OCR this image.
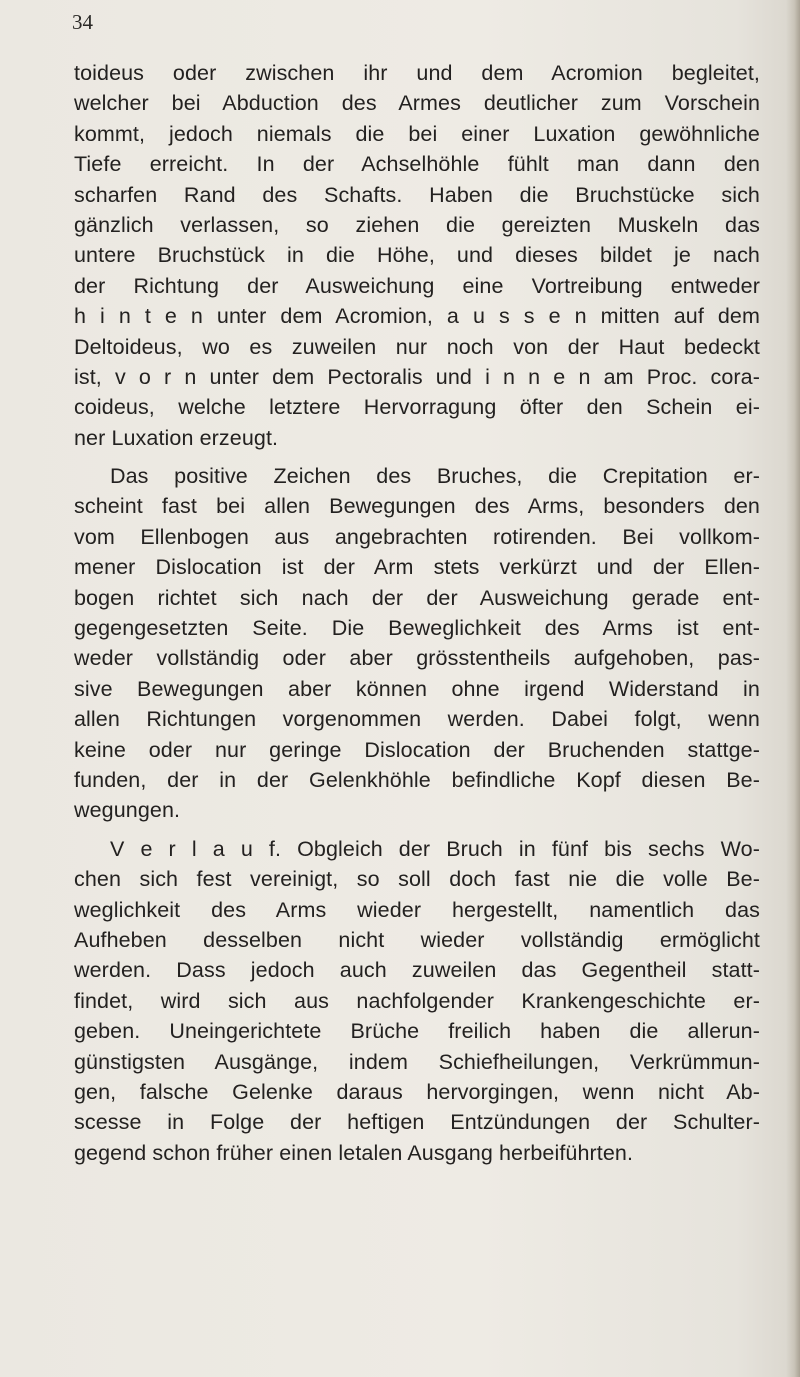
34
toideus oder zwischen ihr und dem Acromion begleitet,
welcher bei Abduction des Armes deutlicher zum Vorschein
kommt, jedoch niemals die bei einer Luxation gewöhnliche
Tiefe erreicht. In der Achselhöhle fühlt man dann den
scharfen Rand des Schafts. Haben die Bruchstücke sich
gänzlich verlassen, so ziehen die gereizten Muskeln das
untere Bruchstück in die Höhe, und dieses bildet je nach
der Richtung der Ausweichung eine Vortreibung entweder
h i n t e n unter dem Acromion, a u s s e n mitten auf dem
Deltoideus, wo es zuweilen nur noch von der Haut bedeckt
ist, v o r n unter dem Pectoralis und i n n e n am Proc. cora-
coideus, welche letztere Hervorragung öfter den Schein ei-
ner Luxation erzeugt.
Das positive Zeichen des Bruches, die Crepitation er-
scheint fast bei allen Bewegungen des Arms, besonders den
vom Ellenbogen aus angebrachten rotirenden. Bei vollkom-
mener Dislocation ist der Arm stets verkürzt und der Ellen-
bogen richtet sich nach der der Ausweichung gerade ent-
gegengesetzten Seite. Die Beweglichkeit des Arms ist ent-
weder vollständig oder aber grösstentheils aufgehoben, pas-
sive Bewegungen aber können ohne irgend Widerstand in
allen Richtungen vorgenommen werden. Dabei folgt, wenn
keine oder nur geringe Dislocation der Bruchenden stattge-
funden, der in der Gelenkhöhle befindliche Kopf diesen Be-
wegungen.
V e r l a u f. Obgleich der Bruch in fünf bis sechs Wo-
chen sich fest vereinigt, so soll doch fast nie die volle Be-
weglichkeit des Arms wieder hergestellt, namentlich das
Aufheben desselben nicht wieder vollständig ermöglicht
werden. Dass jedoch auch zuweilen das Gegentheil statt-
findet, wird sich aus nachfolgender Krankengeschichte er-
geben. Uneingerichtete Brüche freilich haben die allerun-
günstigsten Ausgänge, indem Schiefheilungen, Verkrümmun-
gen, falsche Gelenke daraus hervorgingen, wenn nicht Ab-
scesse in Folge der heftigen Entzündungen der Schulter-
gegend schon früher einen letalen Ausgang herbeiführten.
